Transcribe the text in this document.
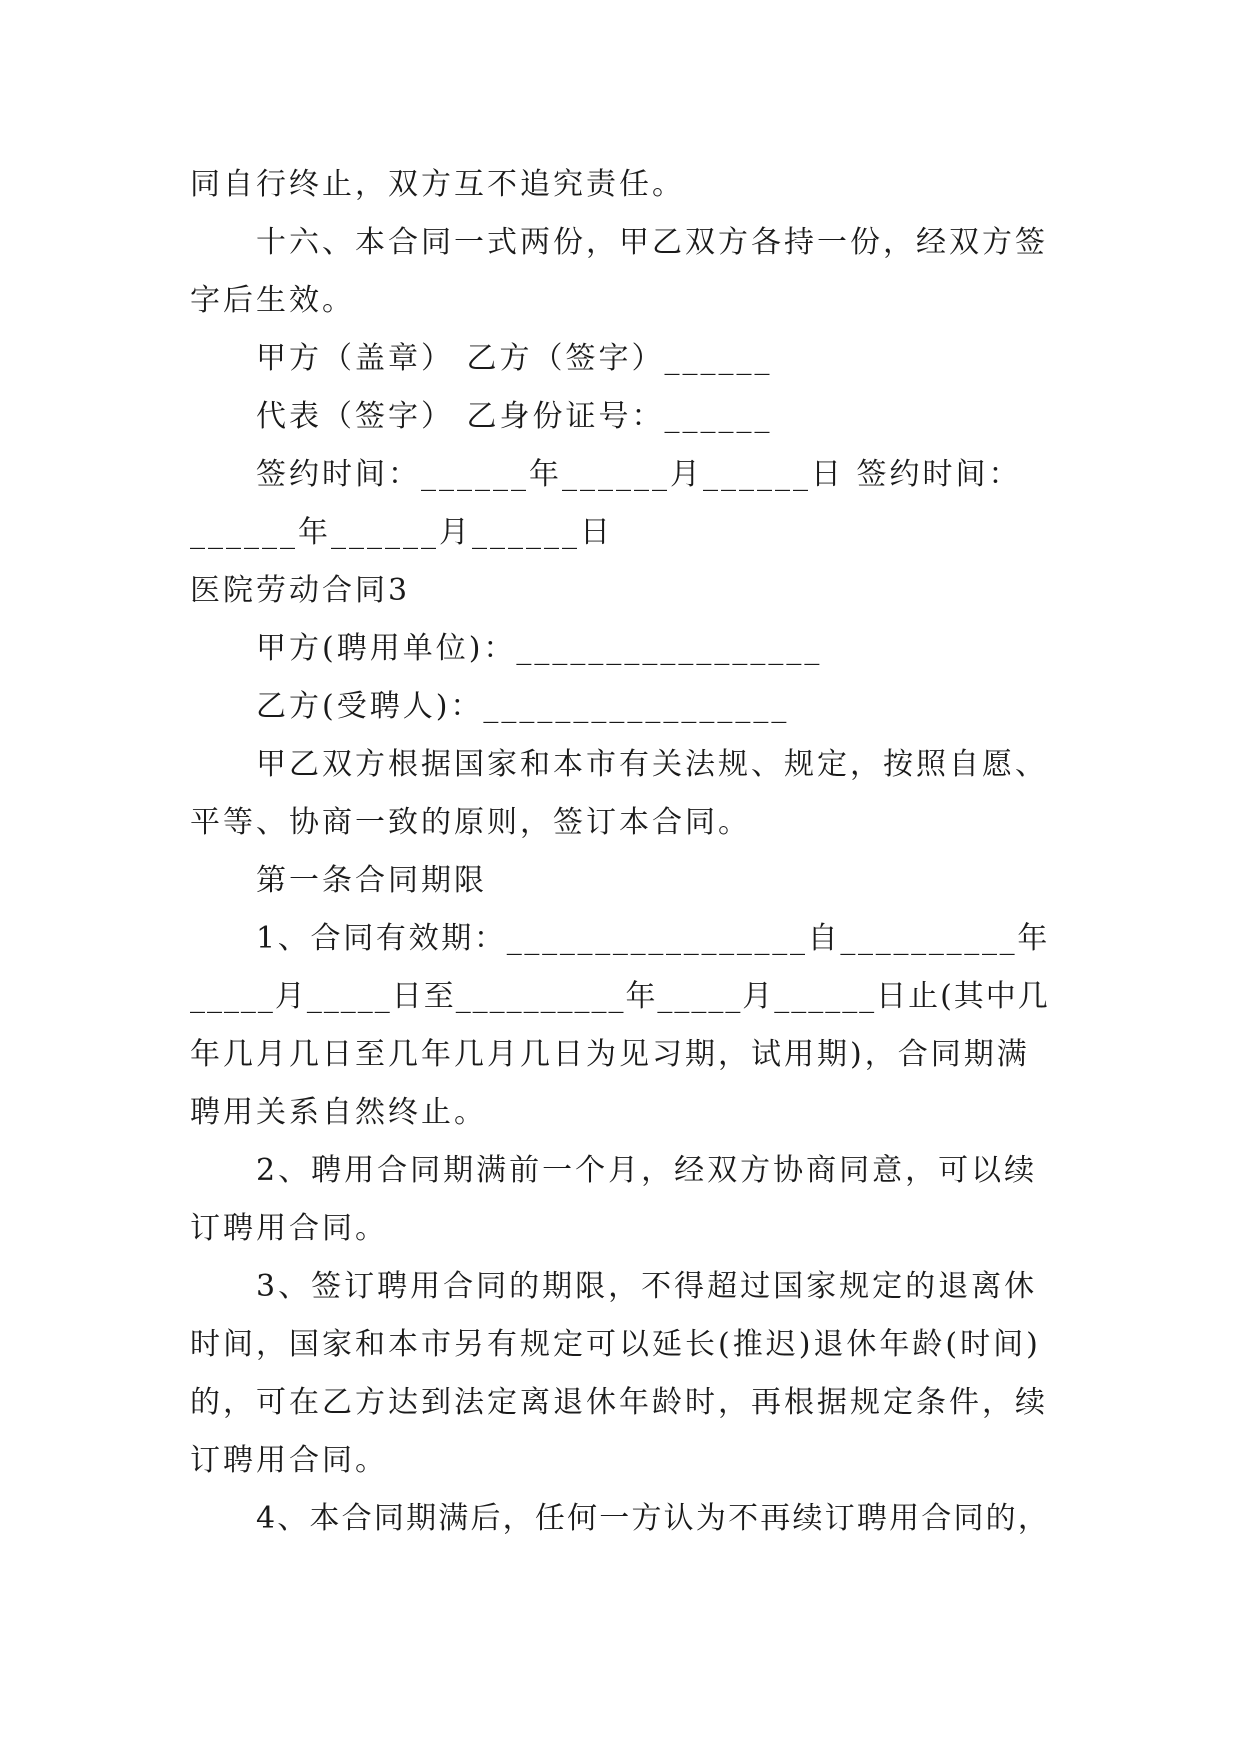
同自行终止，双方互不追究责任。
十六、本合同一式两份，甲乙双方各持一份，经双方签
字后生效。
甲方（盖章） 乙方（签字）______
代表（签字） 乙身份证号：______
签约时间：______年______月______日 签约时间：
______年______月______日
医院劳动合同3
甲方(聘用单位)：_________________
乙方(受聘人)：_________________
甲乙双方根据国家和本市有关法规、规定，按照自愿、
平等、协商一致的原则，签订本合同。
第一条合同期限
1、合同有效期：_________________自__________年
_____月_____日至__________年_____月______日止(其中几
年几月几日至几年几月几日为见习期，试用期)，合同期满
聘用关系自然终止。
2、聘用合同期满前一个月，经双方协商同意，可以续
订聘用合同。
3、签订聘用合同的期限，不得超过国家规定的退离休
时间，国家和本市另有规定可以延长(推迟)退休年龄(时间)
的，可在乙方达到法定离退休年龄时，再根据规定条件，续
订聘用合同。
4、本合同期满后，任何一方认为不再续订聘用合同的，
